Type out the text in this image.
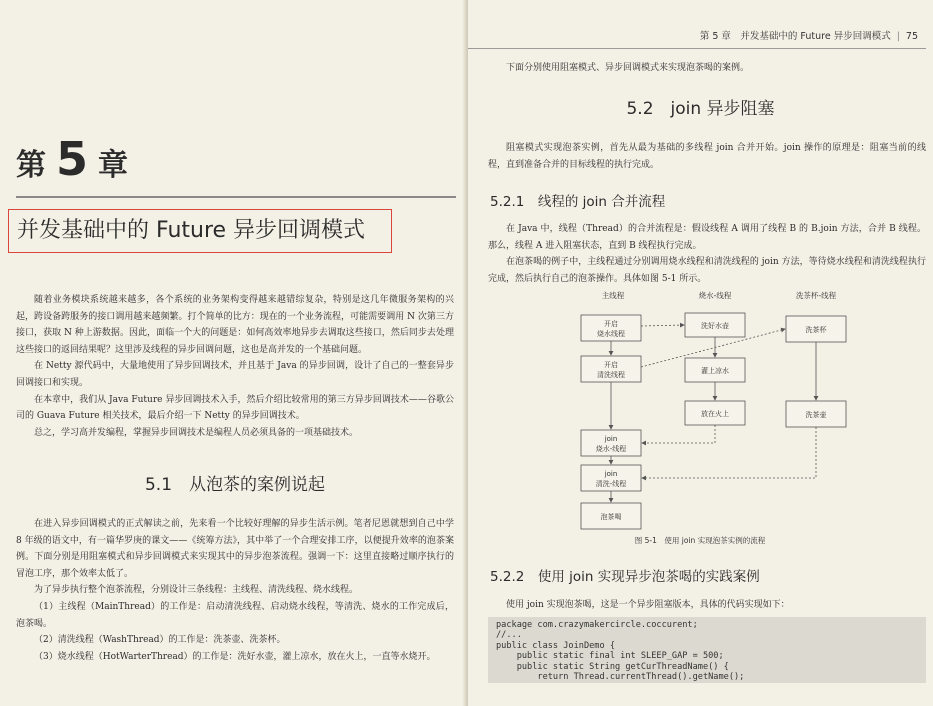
第 5 章
并发基础中的 Future 异步回调模式

随着业务模块系统越来越多，各个系统的业务架构变得越来越错综复杂，特别是这几年微服务架构的兴起，跨设备跨服务的接口调用越来越频繁。打个简单的比方：现在的一个业务流程，可能需要调用 N 次第三方接口，获取 N 种上游数据。因此，面临一个大的问题是：如何高效率地异步去调取这些接口，然后同步去处理这些接口的返回结果呢？这里涉及线程的异步回调问题，这也是高并发的一个基础问题。

在 Netty 源代码中，大量地使用了异步回调技术，并且基于 Java 的异步回调，设计了自己的一整套异步回调接口和实现。

在本章中，我们从 Java Future 异步回调技术入手，然后介绍比较常用的第三方异步回调技术——谷歌公司的 Guava Future 相关技术，最后介绍一下 Netty 的异步回调技术。

总之，学习高并发编程，掌握异步回调技术是编程人员必须具备的一项基础技术。

5.1　从泡茶的案例说起

在进入异步回调模式的正式解读之前，先来看一个比较好理解的异步生活示例。笔者尼恩就想到自己中学 8 年级的语文中，有一篇华罗庚的课文——《统筹方法》，其中举了一个合理安排工序，以便提升效率的泡茶案例。下面分别是用阻塞模式和异步回调模式来实现其中的异步泡茶流程。强调一下：这里直接略过顺序执行的冒泡工序，那个效率太低了。

为了异步执行整个泡茶流程，分别设计三条线程：主线程、清洗线程、烧水线程。

（1）主线程（MainThread）的工作是：启动清洗线程、启动烧水线程，等清洗、烧水的工作完成后，泡茶喝。

（2）清洗线程（WashThread）的工作是：洗茶壶、洗茶杯。

（3）烧水线程（HotWarterThread）的工作是：洗好水壶，灌上凉水，放在火上，一直等水烧开。

第 5 章　并发基础中的 Future 异步回调模式 | 75

下面分别使用阻塞模式、异步回调模式来实现泡茶喝的案例。

5.2　join 异步阻塞

阻塞模式实现泡茶实例，首先从最为基础的多线程 join 合并开始。join 操作的原理是：阻塞当前的线程，直到准备合并的目标线程的执行完成。

5.2.1　线程的 join 合并流程

在 Java 中，线程（Thread）的合并流程是：假设线程 A 调用了线程 B 的 B.join 方法，合并 B 线程。那么，线程 A 进入阻塞状态，直到 B 线程执行完成。

在泡茶喝的例子中，主线程通过分别调用烧水线程和清洗线程的 join 方法，等待烧水线程和清洗线程执行完成，然后执行自己的泡茶操作。具体如图 5-1 所示。

主线程	烧水-线程	洗茶杯-线程
开启
烧水线程
开启
清洗线程
join
烧水-线程
join
清洗-线程
泡茶喝
洗好水壶
灌上凉水
放在火上
洗茶杯
洗茶壶
图 5-1　使用 join 实现泡茶实例的流程
5.2.2　使用 join 实现异步泡茶喝的实践案例

使用 join 实现泡茶喝，这是一个异步阻塞版本，具体的代码实现如下：

package com.crazymakercircle.coccurent;
//...
public class JoinDemo {
public static final int SLEEP_GAP = 500;
public static String getCurThreadName() {
return Thread.currentThread().getName();
